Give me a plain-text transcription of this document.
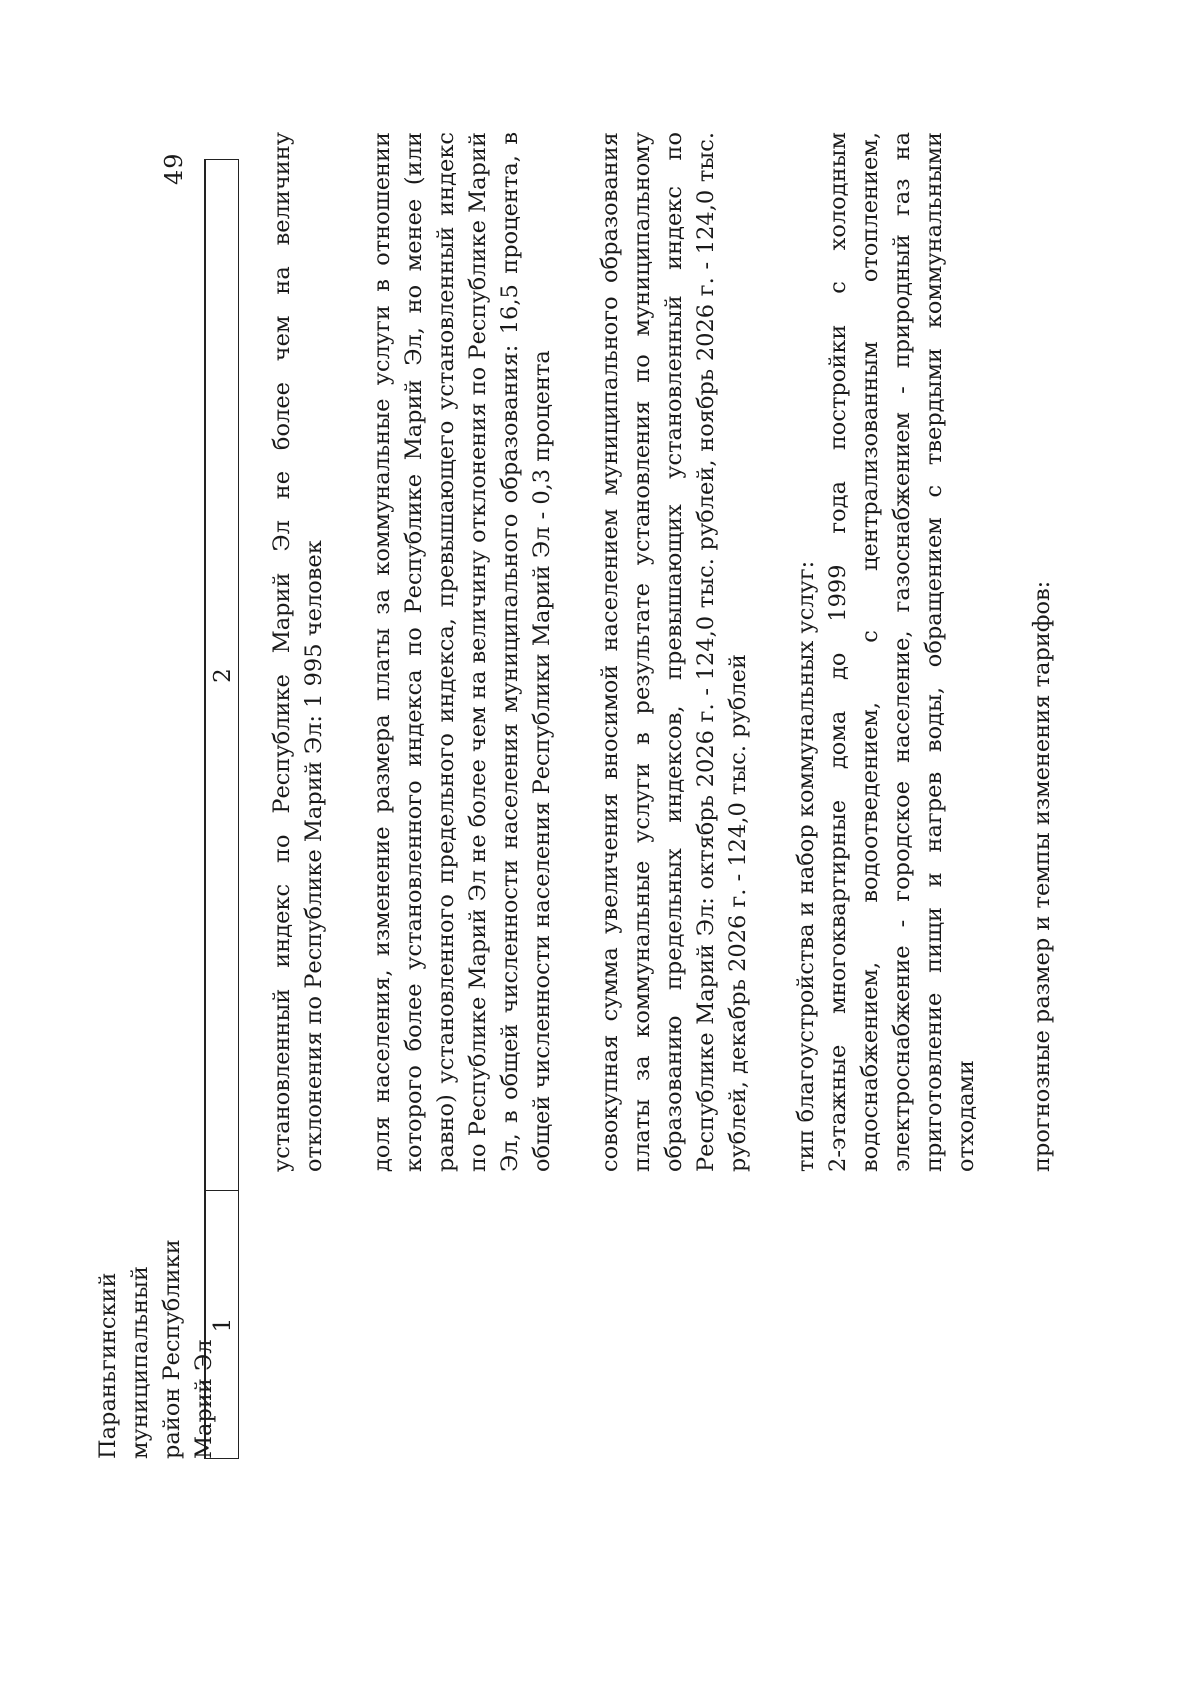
49
1
2
Параньгинский муниципальный район Республики Марий Эл

установленный индекс по Республике Марий Эл не более чем на величину отклонения по Республике Марий Эл: 1 995 человек доля населения, изменение размера платы за коммунальные услуги в отношении которого более установленного индекса по Республике Марий Эл, но менее (или равно) установленного предельного индекса, превышающего установленный индекс по Республике Марий Эл не более чем на величину отклонения по Республике Марий Эл, в общей численности населения муниципального образования: 16,5 процента, в общей численности населения Республики Марий Эл - 0,3 процента совокупная сумма увеличения вносимой населением муниципального образования платы за коммунальные услуги в результате установления по муниципальному образованию предельных индексов, превышающих установленный индекс по Республике Марий Эл: октябрь 2026 г. - 124,0 тыс. рублей, ноябрь 2026 г. - 124,0 тыс. рублей, декабрь 2026 г. - 124,0 тыс. рублей тип благоустройства и набор коммунальных услуг: 2-этажные многоквартирные дома до 1999 года постройки с холодным водоснабжением, водоотведением, с централизованным отоплением, электроснабжение - городское население, газоснабжением - природный газ на приготовление пищи и нагрев воды, обращением с твердыми коммунальными отходами прогнозные размер и темпы изменения тарифов:
